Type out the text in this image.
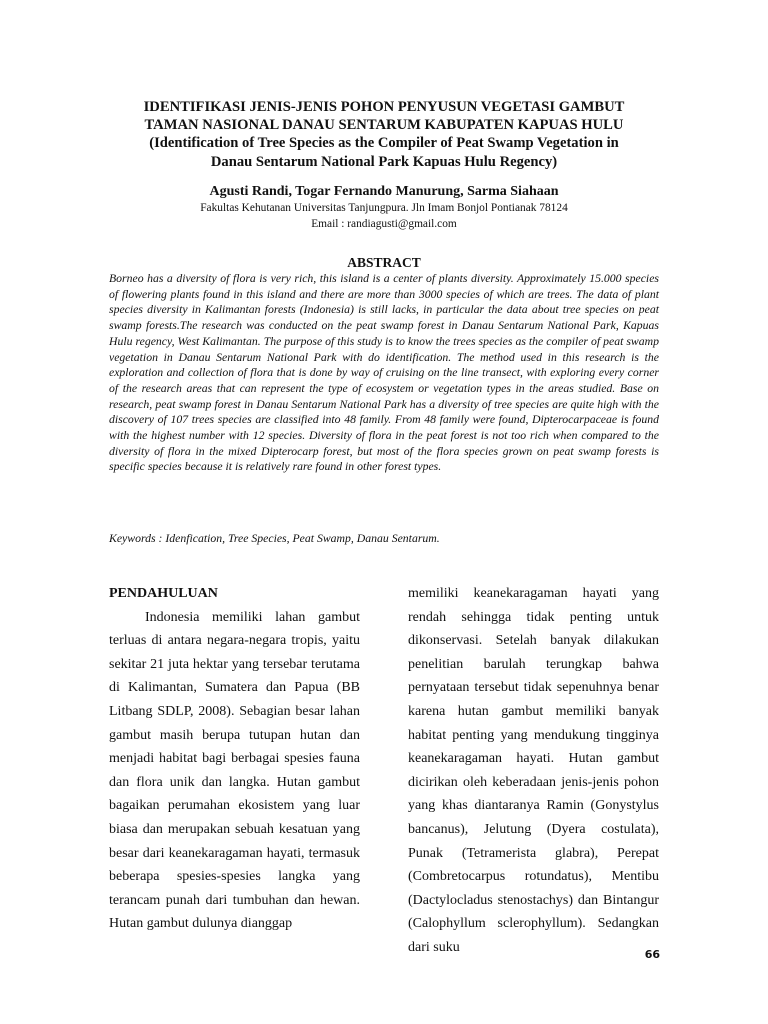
IDENTIFIKASI JENIS-JENIS POHON PENYUSUN VEGETASI GAMBUT
TAMAN NASIONAL DANAU SENTARUM KABUPATEN KAPUAS HULU
(Identification of Tree Species as the Compiler of Peat Swamp Vegetation in
Danau Sentarum National Park Kapuas Hulu Regency)
Agusti Randi, Togar Fernando Manurung, Sarma Siahaan
Fakultas Kehutanan Universitas Tanjungpura. Jln Imam Bonjol Pontianak 78124
Email : randiagusti@gmail.com
ABSTRACT

Borneo has a diversity of flora is very rich, this island is a center of plants diversity. Approximately 15.000 species of flowering plants found in this island and there are more than 3000 species of which are trees. The data of plant species diversity in Kalimantan forests (Indonesia) is still lacks, in particular the data about tree species on peat swamp forests.The research was conducted on the peat swamp forest in Danau Sentarum National Park, Kapuas Hulu regency, West Kalimantan. The purpose of this study is to know the trees species as the compiler of peat swamp vegetation in Danau Sentarum National Park with do identification. The method used in this research is the exploration and collection of flora that is done by way of cruising on the line transect, with exploring every corner of the research areas that can represent the type of ecosystem or vegetation types in the areas studied. Base on research, peat swamp forest in Danau Sentarum National Park has a diversity of tree species are quite high with the discovery of 107 trees species are classified into 48 family. From 48 family were found, Dipterocarpaceae is found with the highest number with 12 species. Diversity of flora in the peat forest is not too rich when compared to the diversity of flora in the mixed Dipterocarp forest, but most of the flora species grown on peat swamp forests is specific species because it is relatively rare found in other forest types.

Keywords : Idenfication, Tree Species, Peat Swamp, Danau Sentarum.

PENDAHULUAN

Indonesia memiliki lahan gambut terluas di antara negara-negara tropis, yaitu sekitar 21 juta hektar yang tersebar terutama di Kalimantan, Sumatera dan Papua (BB Litbang SDLP, 2008). Sebagian besar lahan gambut masih berupa tutupan hutan dan menjadi habitat bagi berbagai spesies fauna dan flora unik dan langka. Hutan gambut bagaikan perumahan ekosistem yang luar biasa dan merupakan sebuah kesatuan yang besar dari keanekaragaman hayati, termasuk beberapa spesies-spesies langka yang terancam punah dari tumbuhan dan hewan. Hutan gambut dulunya dianggap

memiliki keanekaragaman hayati yang rendah sehingga tidak penting untuk dikonservasi. Setelah banyak dilakukan penelitian barulah terungkap bahwa pernyataan tersebut tidak sepenuhnya benar karena hutan gambut memiliki banyak habitat penting yang mendukung tingginya keanekaragaman hayati. Hutan gambut dicirikan oleh keberadaan jenis-jenis pohon yang khas diantaranya Ramin (Gonystylus bancanus), Jelutung (Dyera costulata), Punak (Tetramerista glabra), Perepat (Combretocarpus rotundatus), Mentibu (Dactylocladus stenostachys) dan Bintangur (Calophyllum sclerophyllum). Sedangkan dari suku	66
